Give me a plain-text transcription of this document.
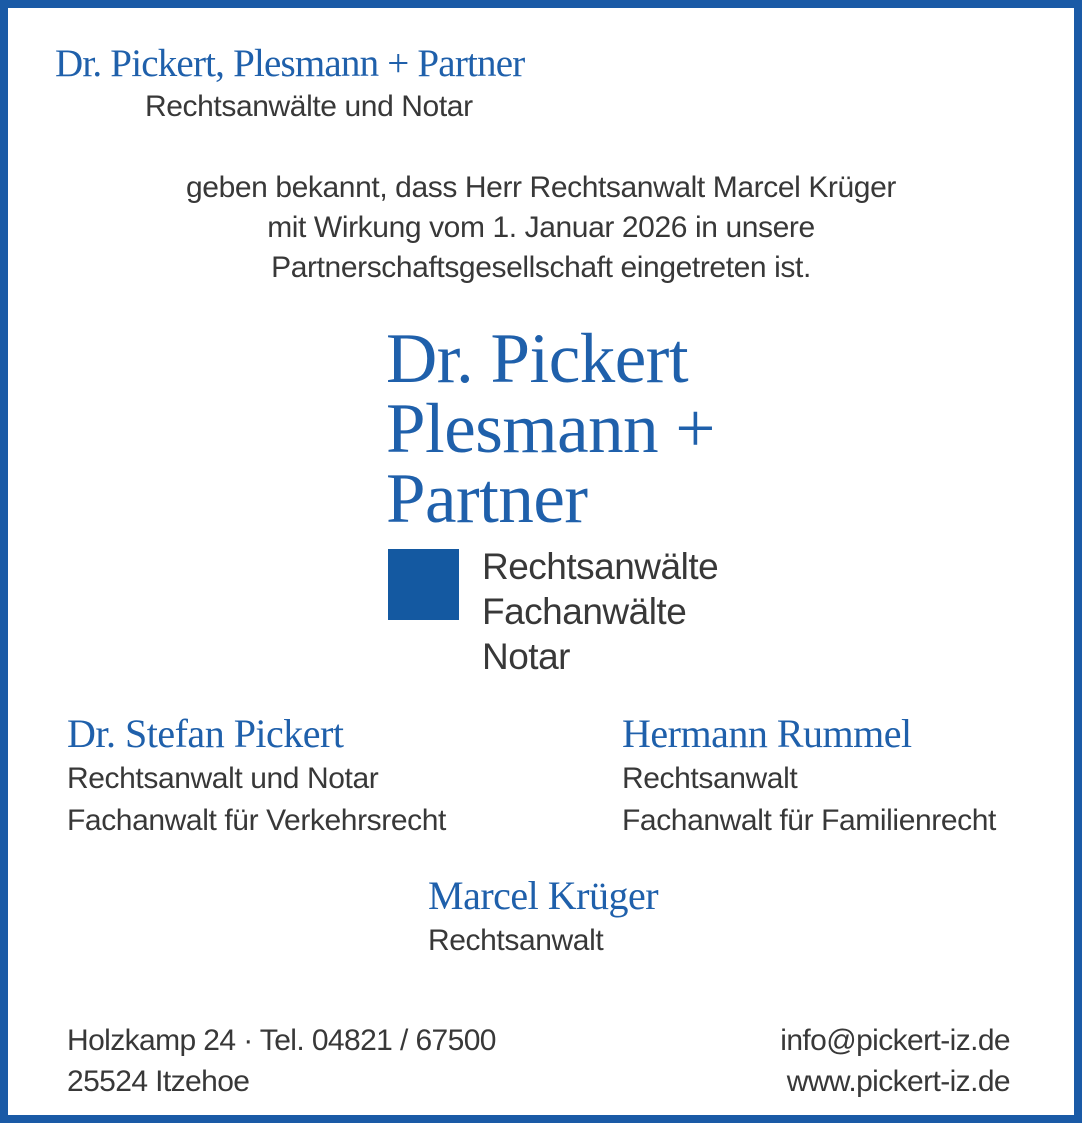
Dr. Pickert, Plesmann + Partner
Rechtsanwälte und Notar
geben bekannt, dass Herr Rechtsanwalt Marcel Krüger
mit Wirkung vom 1. Januar 2026 in unsere
Partnerschaftsgesellschaft eingetreten ist.
Dr. Pickert
Plesmann +
Partner
Rechtsanwälte
Fachanwälte
Notar
Dr. Stefan Pickert
Rechtsanwalt und Notar
Fachanwalt für Verkehrsrecht
Hermann Rummel
Rechtsanwalt
Fachanwalt für Familienrecht
Marcel Krüger
Rechtsanwalt
Holzkamp 24 · Tel. 04821 / 67500
25524 Itzehoe
info@pickert-iz.de
www.pickert-iz.de
